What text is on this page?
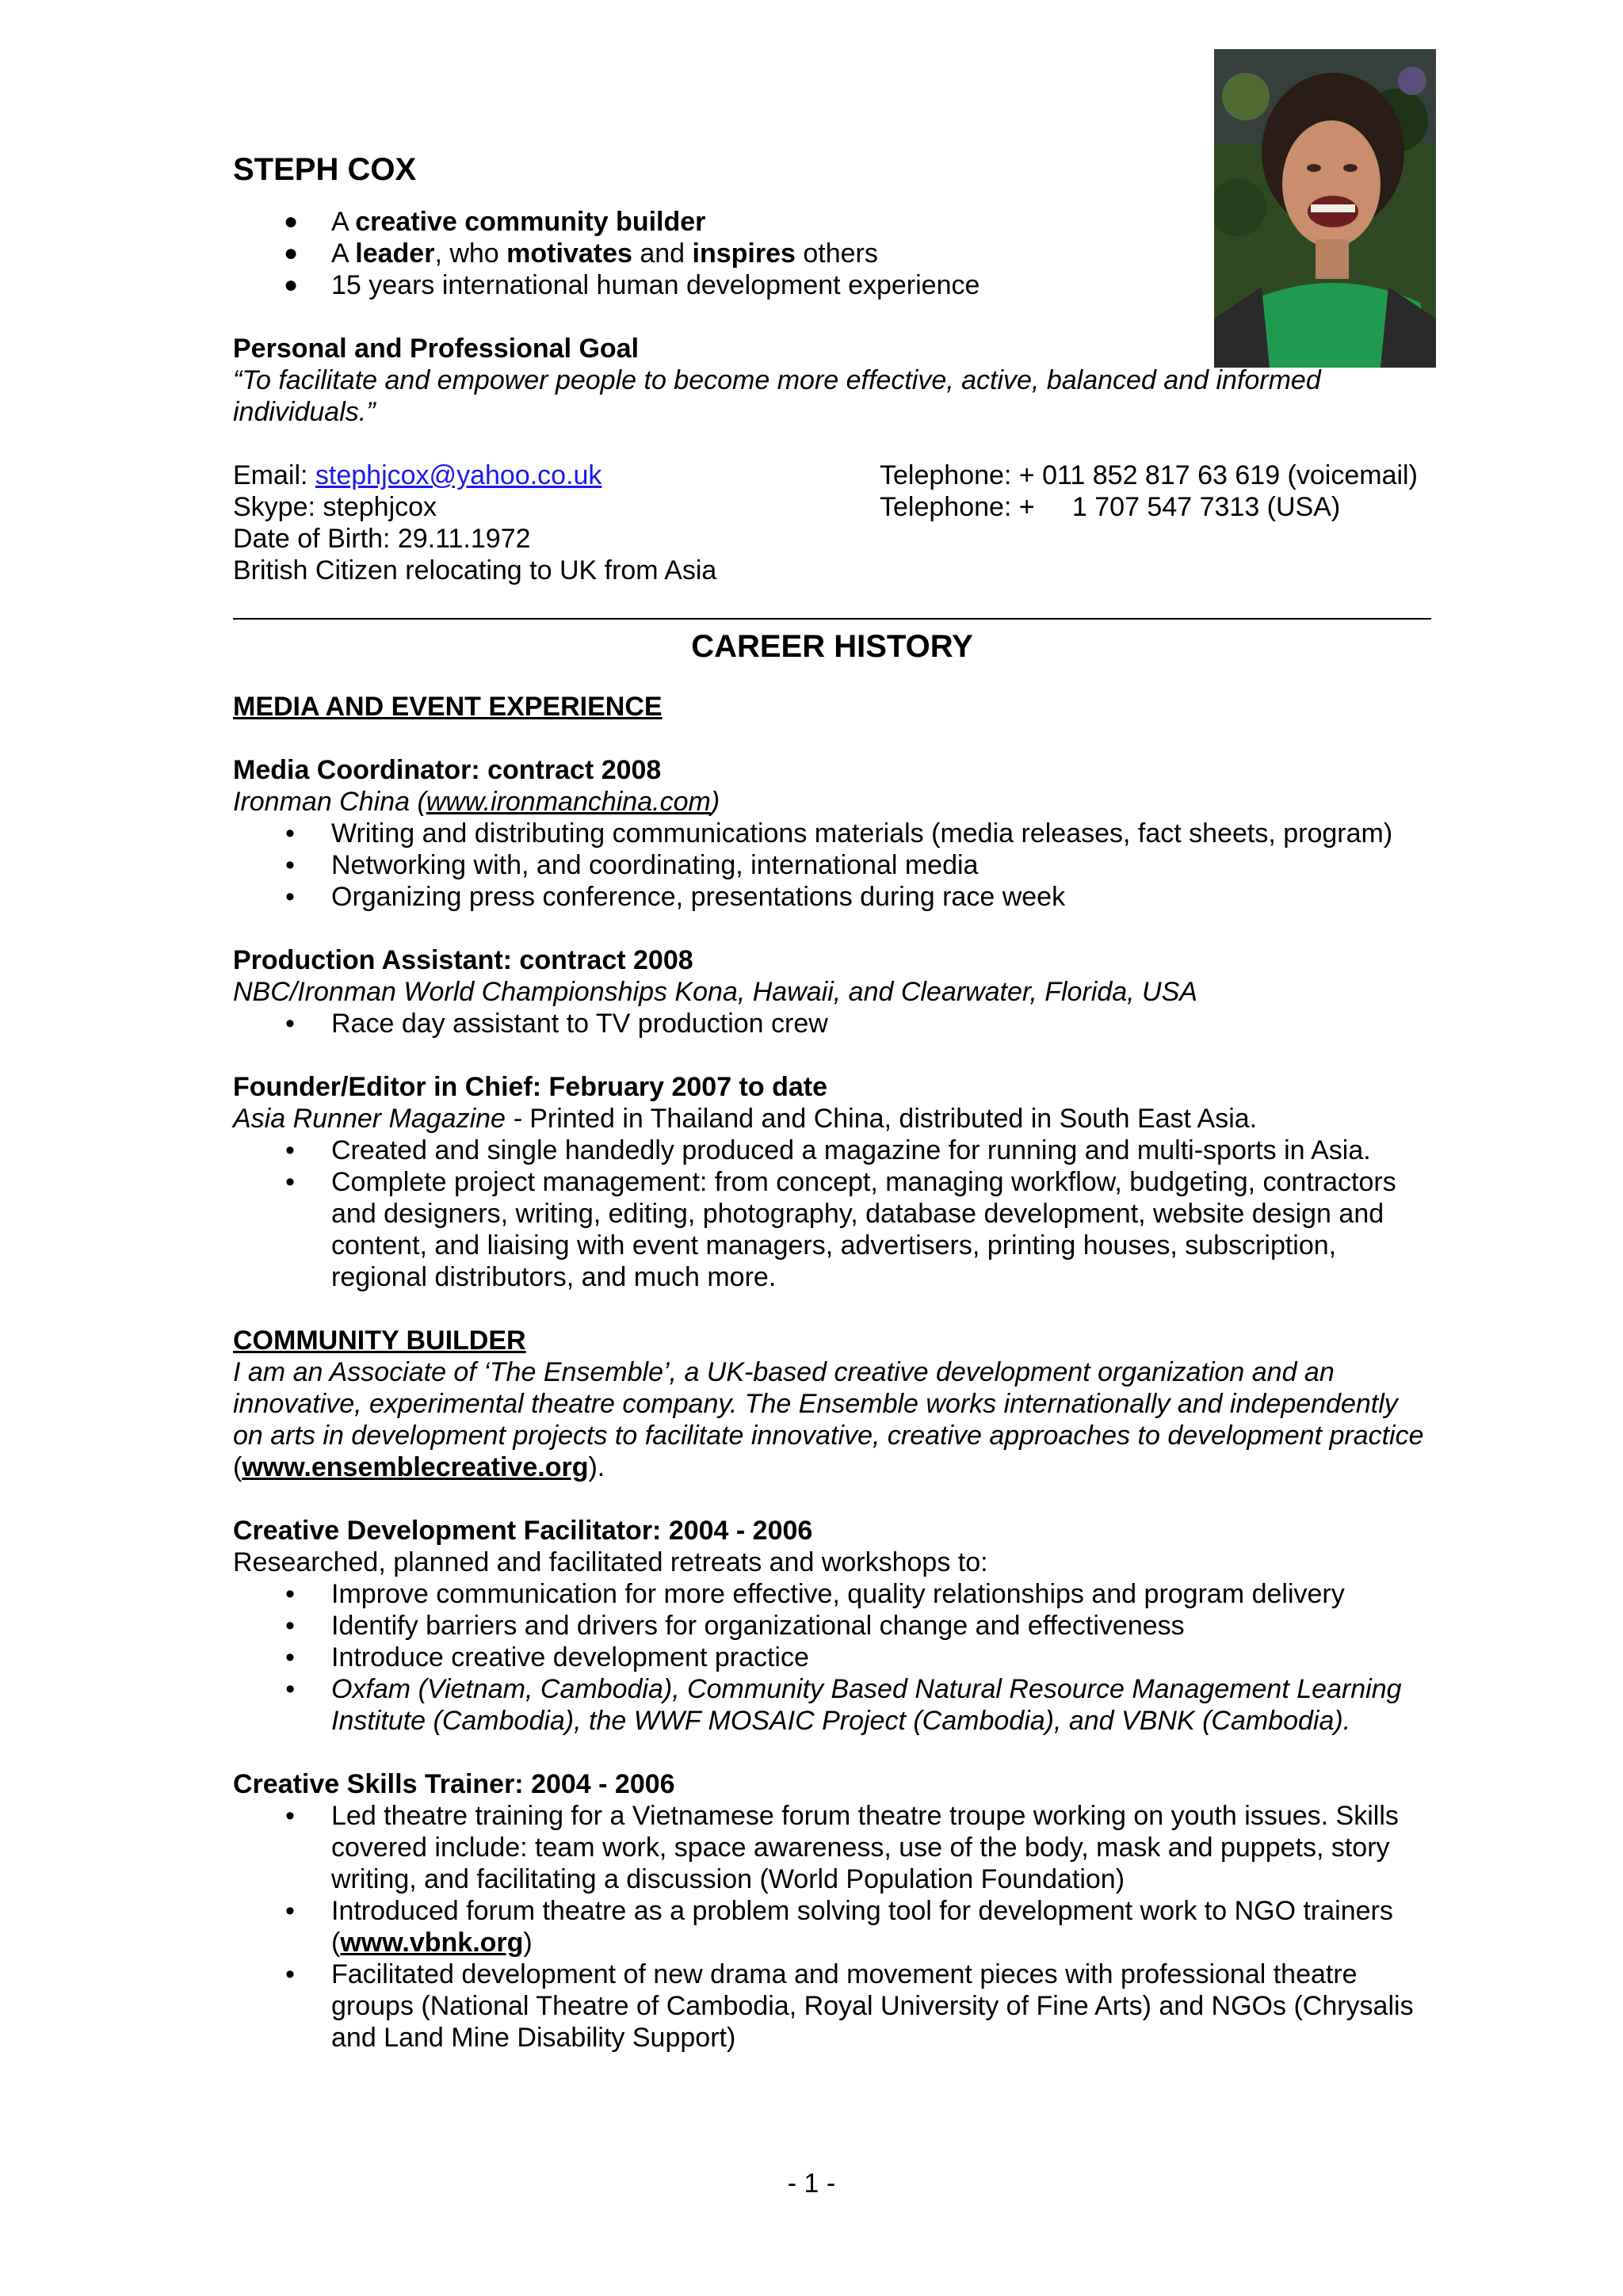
STEPH COX
● A creative community builder
● A leader, who motivates and inspires others
● 15 years international human development experience
Personal and Professional Goal
“To facilitate and empower people to become more effective, active, balanced and informed individuals.”
Email: stephjcox@yahoo.co.uk
Skype: stephjcox
Date of Birth: 29.11.1972
British Citizen relocating to UK from Asia
Telephone: + 011 852 817 63 619 (voicemail)
Telephone: +     1 707 547 7313 (USA)
CAREER HISTORY
MEDIA AND EVENT EXPERIENCE
Media Coordinator: contract 2008
Ironman China (www.ironmanchina.com)
• Writing and distributing communications materials (media releases, fact sheets, program)
• Networking with, and coordinating, international media
• Organizing press conference, presentations during race week
Production Assistant: contract 2008
NBC/Ironman World Championships Kona, Hawaii, and Clearwater, Florida, USA
• Race day assistant to TV production crew
Founder/Editor in Chief: February 2007 to date
Asia Runner Magazine - Printed in Thailand and China, distributed in South East Asia.
• Created and single handedly produced a magazine for running and multi-sports in Asia.
• Complete project management: from concept, managing workflow, budgeting, contractors and designers, writing, editing, photography, database development, website design and content, and liaising with event managers, advertisers, printing houses, subscription, regional distributors, and much more.
COMMUNITY BUILDER
I am an Associate of ‘The Ensemble’, a UK-based creative development organization and an innovative, experimental theatre company. The Ensemble works internationally and independently on arts in development projects to facilitate innovative, creative approaches to development practice (www.ensemblecreative.org).
Creative Development Facilitator: 2004 - 2006
Researched, planned and facilitated retreats and workshops to:
• Improve communication for more effective, quality relationships and program delivery
• Identify barriers and drivers for organizational change and effectiveness
• Introduce creative development practice
• Oxfam (Vietnam, Cambodia), Community Based Natural Resource Management Learning Institute (Cambodia), the WWF MOSAIC Project (Cambodia), and VBNK (Cambodia).
Creative Skills Trainer: 2004 - 2006
• Led theatre training for a Vietnamese forum theatre troupe working on youth issues. Skills covered include: team work, space awareness, use of the body, mask and puppets, story writing, and facilitating a discussion (World Population Foundation)
• Introduced forum theatre as a problem solving tool for development work to NGO trainers (www.vbnk.org)
• Facilitated development of new drama and movement pieces with professional theatre groups (National Theatre of Cambodia, Royal University of Fine Arts) and NGOs (Chrysalis and Land Mine Disability Support)
- 1 -
